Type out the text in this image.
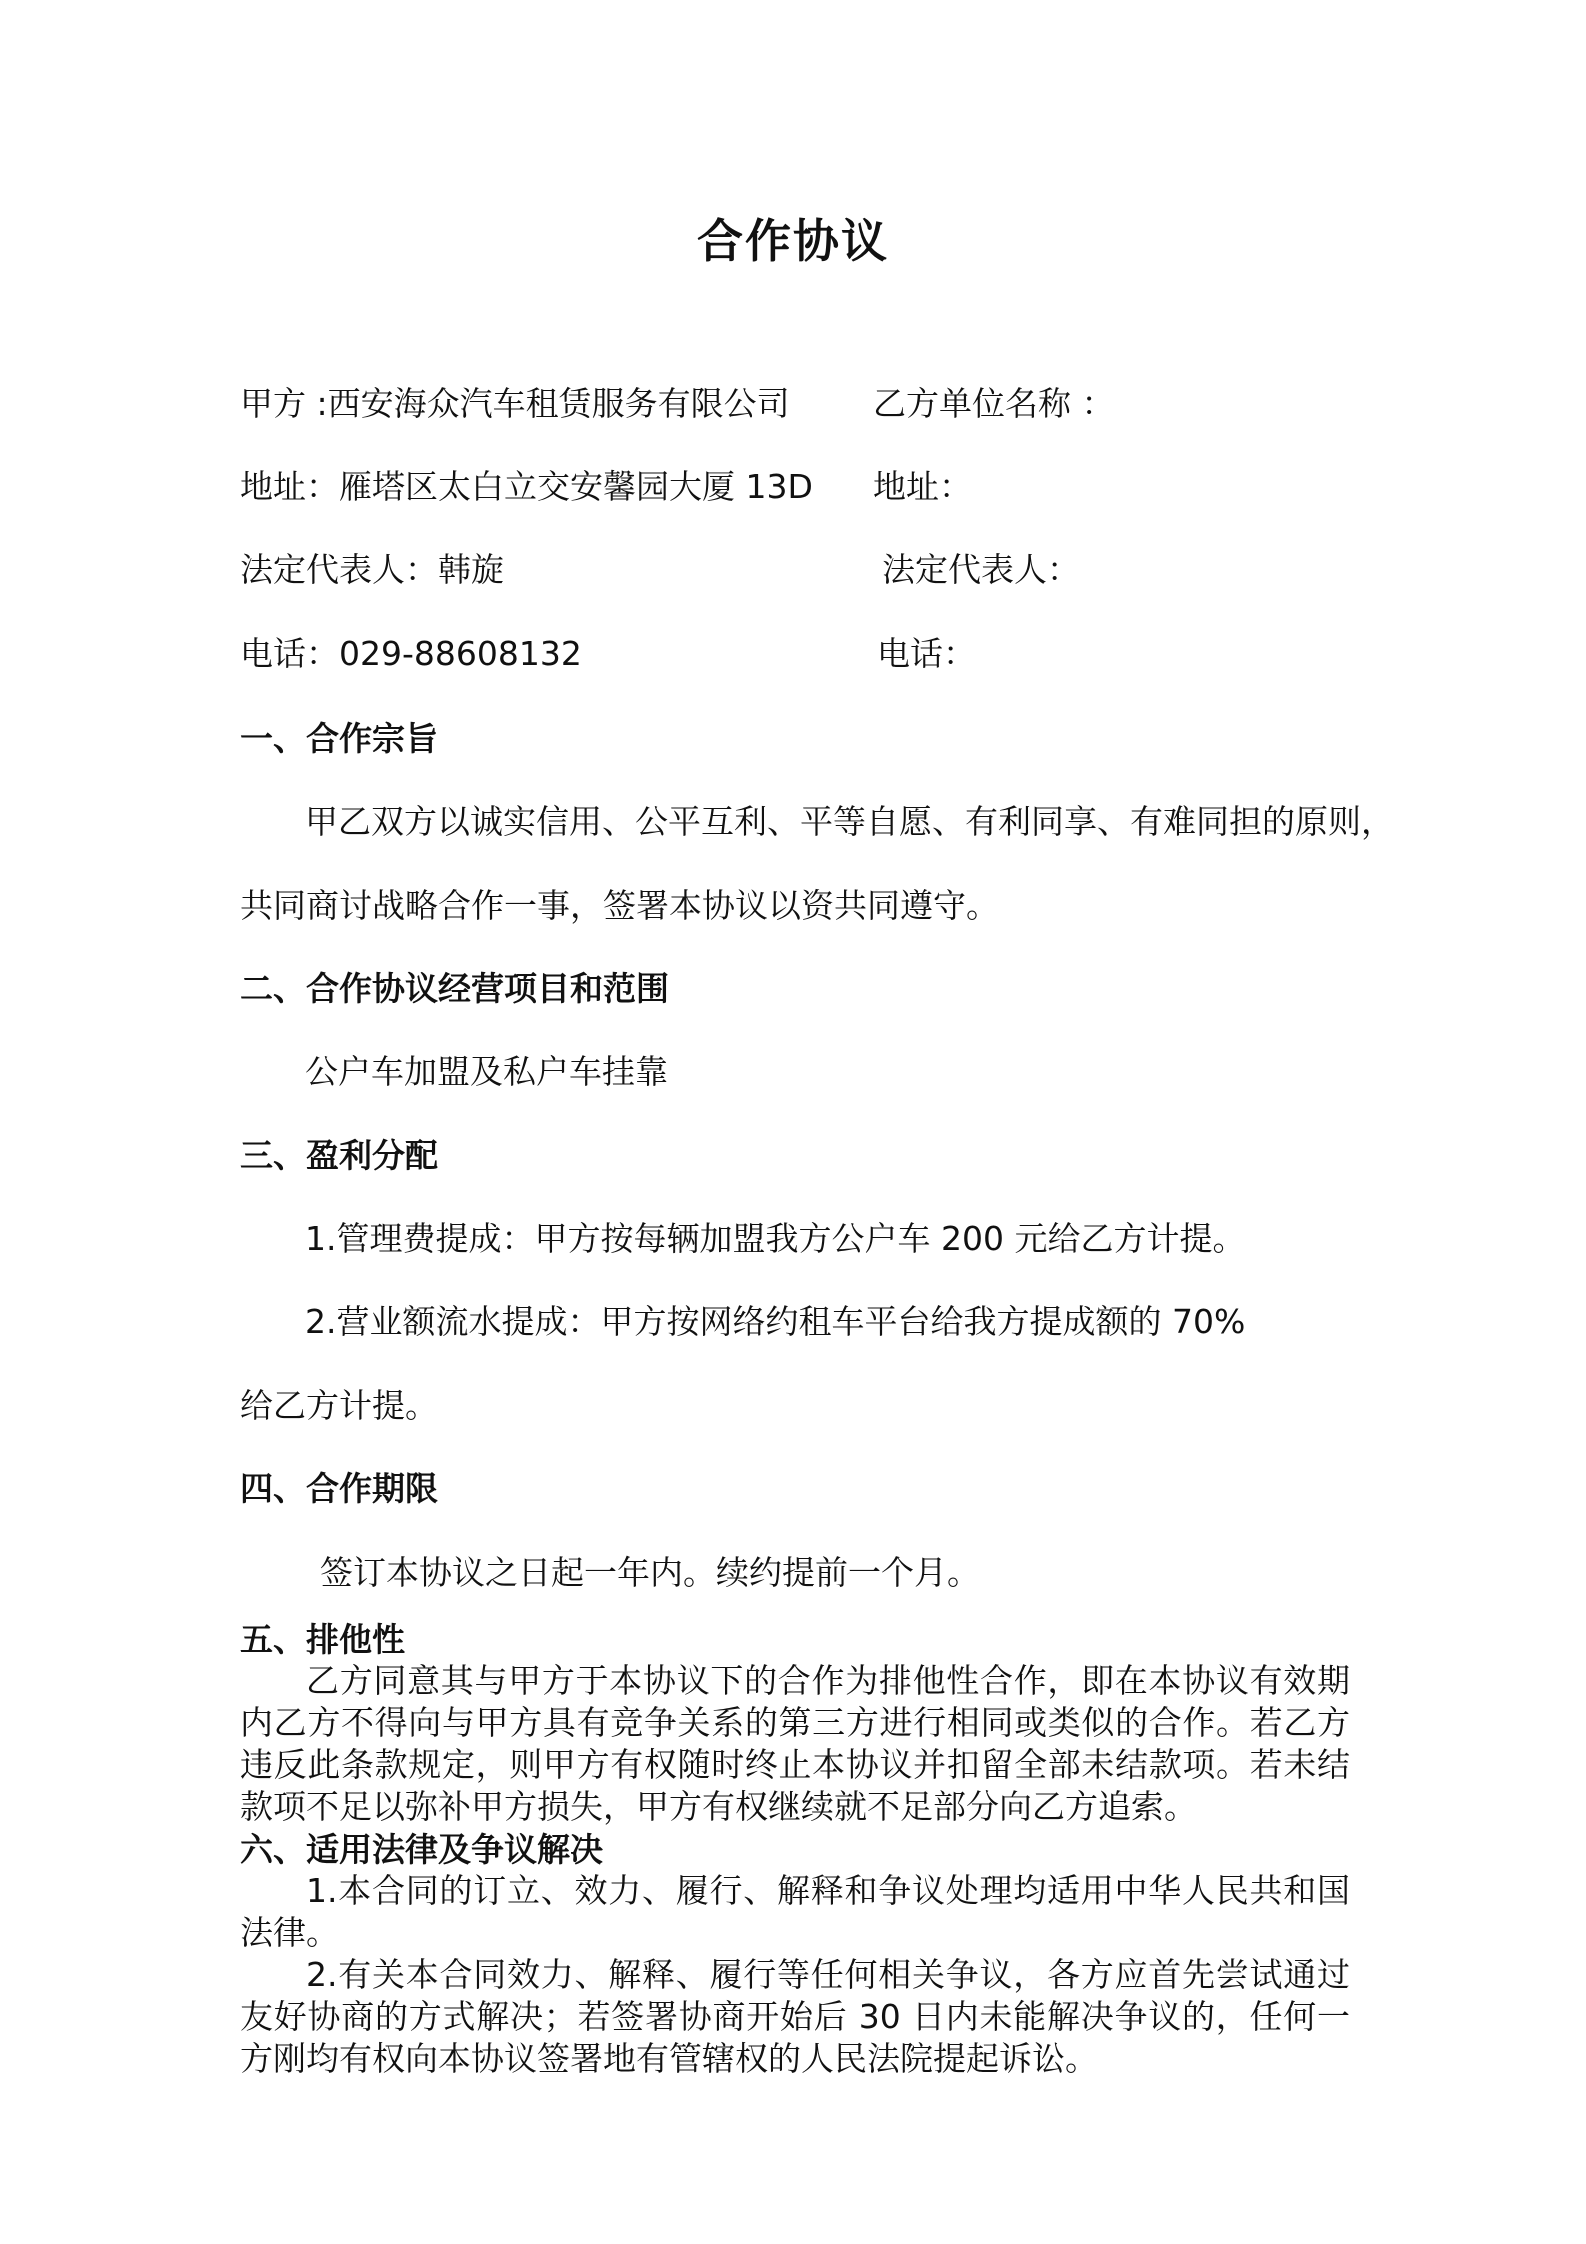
合作协议
甲方 :西安海众汽车租赁服务有限公司	乙方单位名称 ：
地址：雁塔区太白立交安馨园大厦 13D 地址：
法定代表人：韩旋	法定代表人：
电话：029-88608132	电话：
一、合作宗旨
甲乙双方以诚实信用、公平互利、平等自愿、有利同享、有难同担的原则，
共同商讨战略合作一事，签署本协议以资共同遵守。
二、合作协议经营项目和范围
公户车加盟及私户车挂靠
三、盈利分配
1.管理费提成：甲方按每辆加盟我方公户车 200 元给乙方计提。
2.营业额流水提成：甲方按网络约租车平台给我方提成额的 70%
给乙方计提。
四、合作期限
签订本协议之日起一年内。续约提前一个月。
五、排他性

乙方同意其与甲方于本协议下的合作为排他性合作，即在本协议有效期内乙方不得向与甲方具有竞争关系的第三方进行相同或类似的合作。若乙方违反此条款规定，则甲方有权随时终止本协议并扣留全部未结款项。若未结款项不足以弥补甲方损失，甲方有权继续就不足部分向乙方追索。

六、适用法律及争议解决

1.本合同的订立、效力、履行、解释和争议处理均适用中华人民共和国法律。

2.有关本合同效力、解释、履行等任何相关争议，各方应首先尝试通过友好协商的方式解决；若签署协商开始后 30 日内未能解决争议的，任何一方刚均有权向本协议签署地有管辖权的人民法院提起诉讼。
